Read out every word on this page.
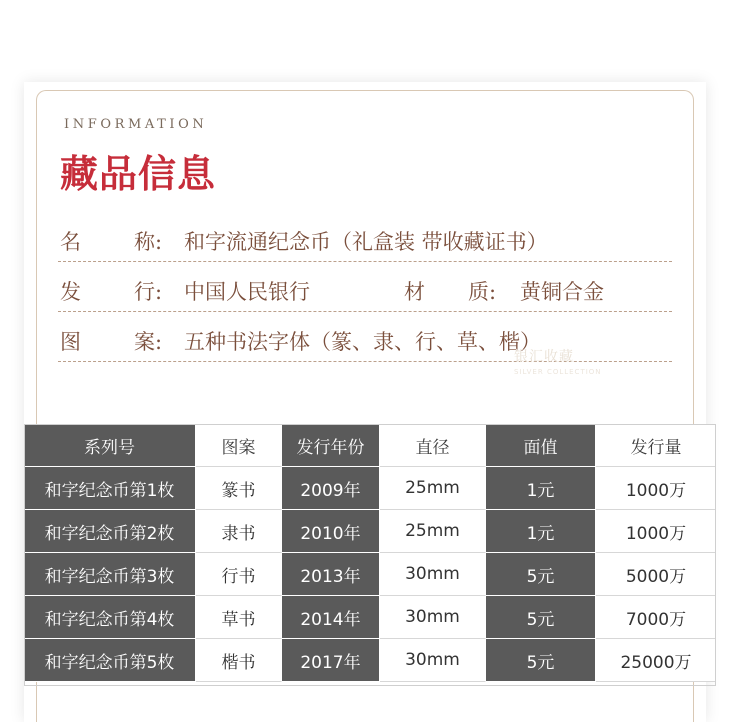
INFORMATION
藏品信息
名	称: 和字流通纪念币（礼盒装 带收藏证书）
发	行: 中国人民银行	材 质: 黄铜合金
图	案: 五种书法字体（篆、隶、行、草、楷）
银汇收藏
SILVER COLLECTION
系列号	图案	发行年份	直径	面值	发行量
和字纪念币第1枚	篆书	2009年	25mm	1元	1000万
和字纪念币第2枚	隶书	2010年	25mm	1元	1000万
和字纪念币第3枚	行书	2013年	30mm	5元	5000万
和字纪念币第4枚	草书	2014年	30mm	5元	7000万
和字纪念币第5枚	楷书	2017年	30mm	5元	25000万
